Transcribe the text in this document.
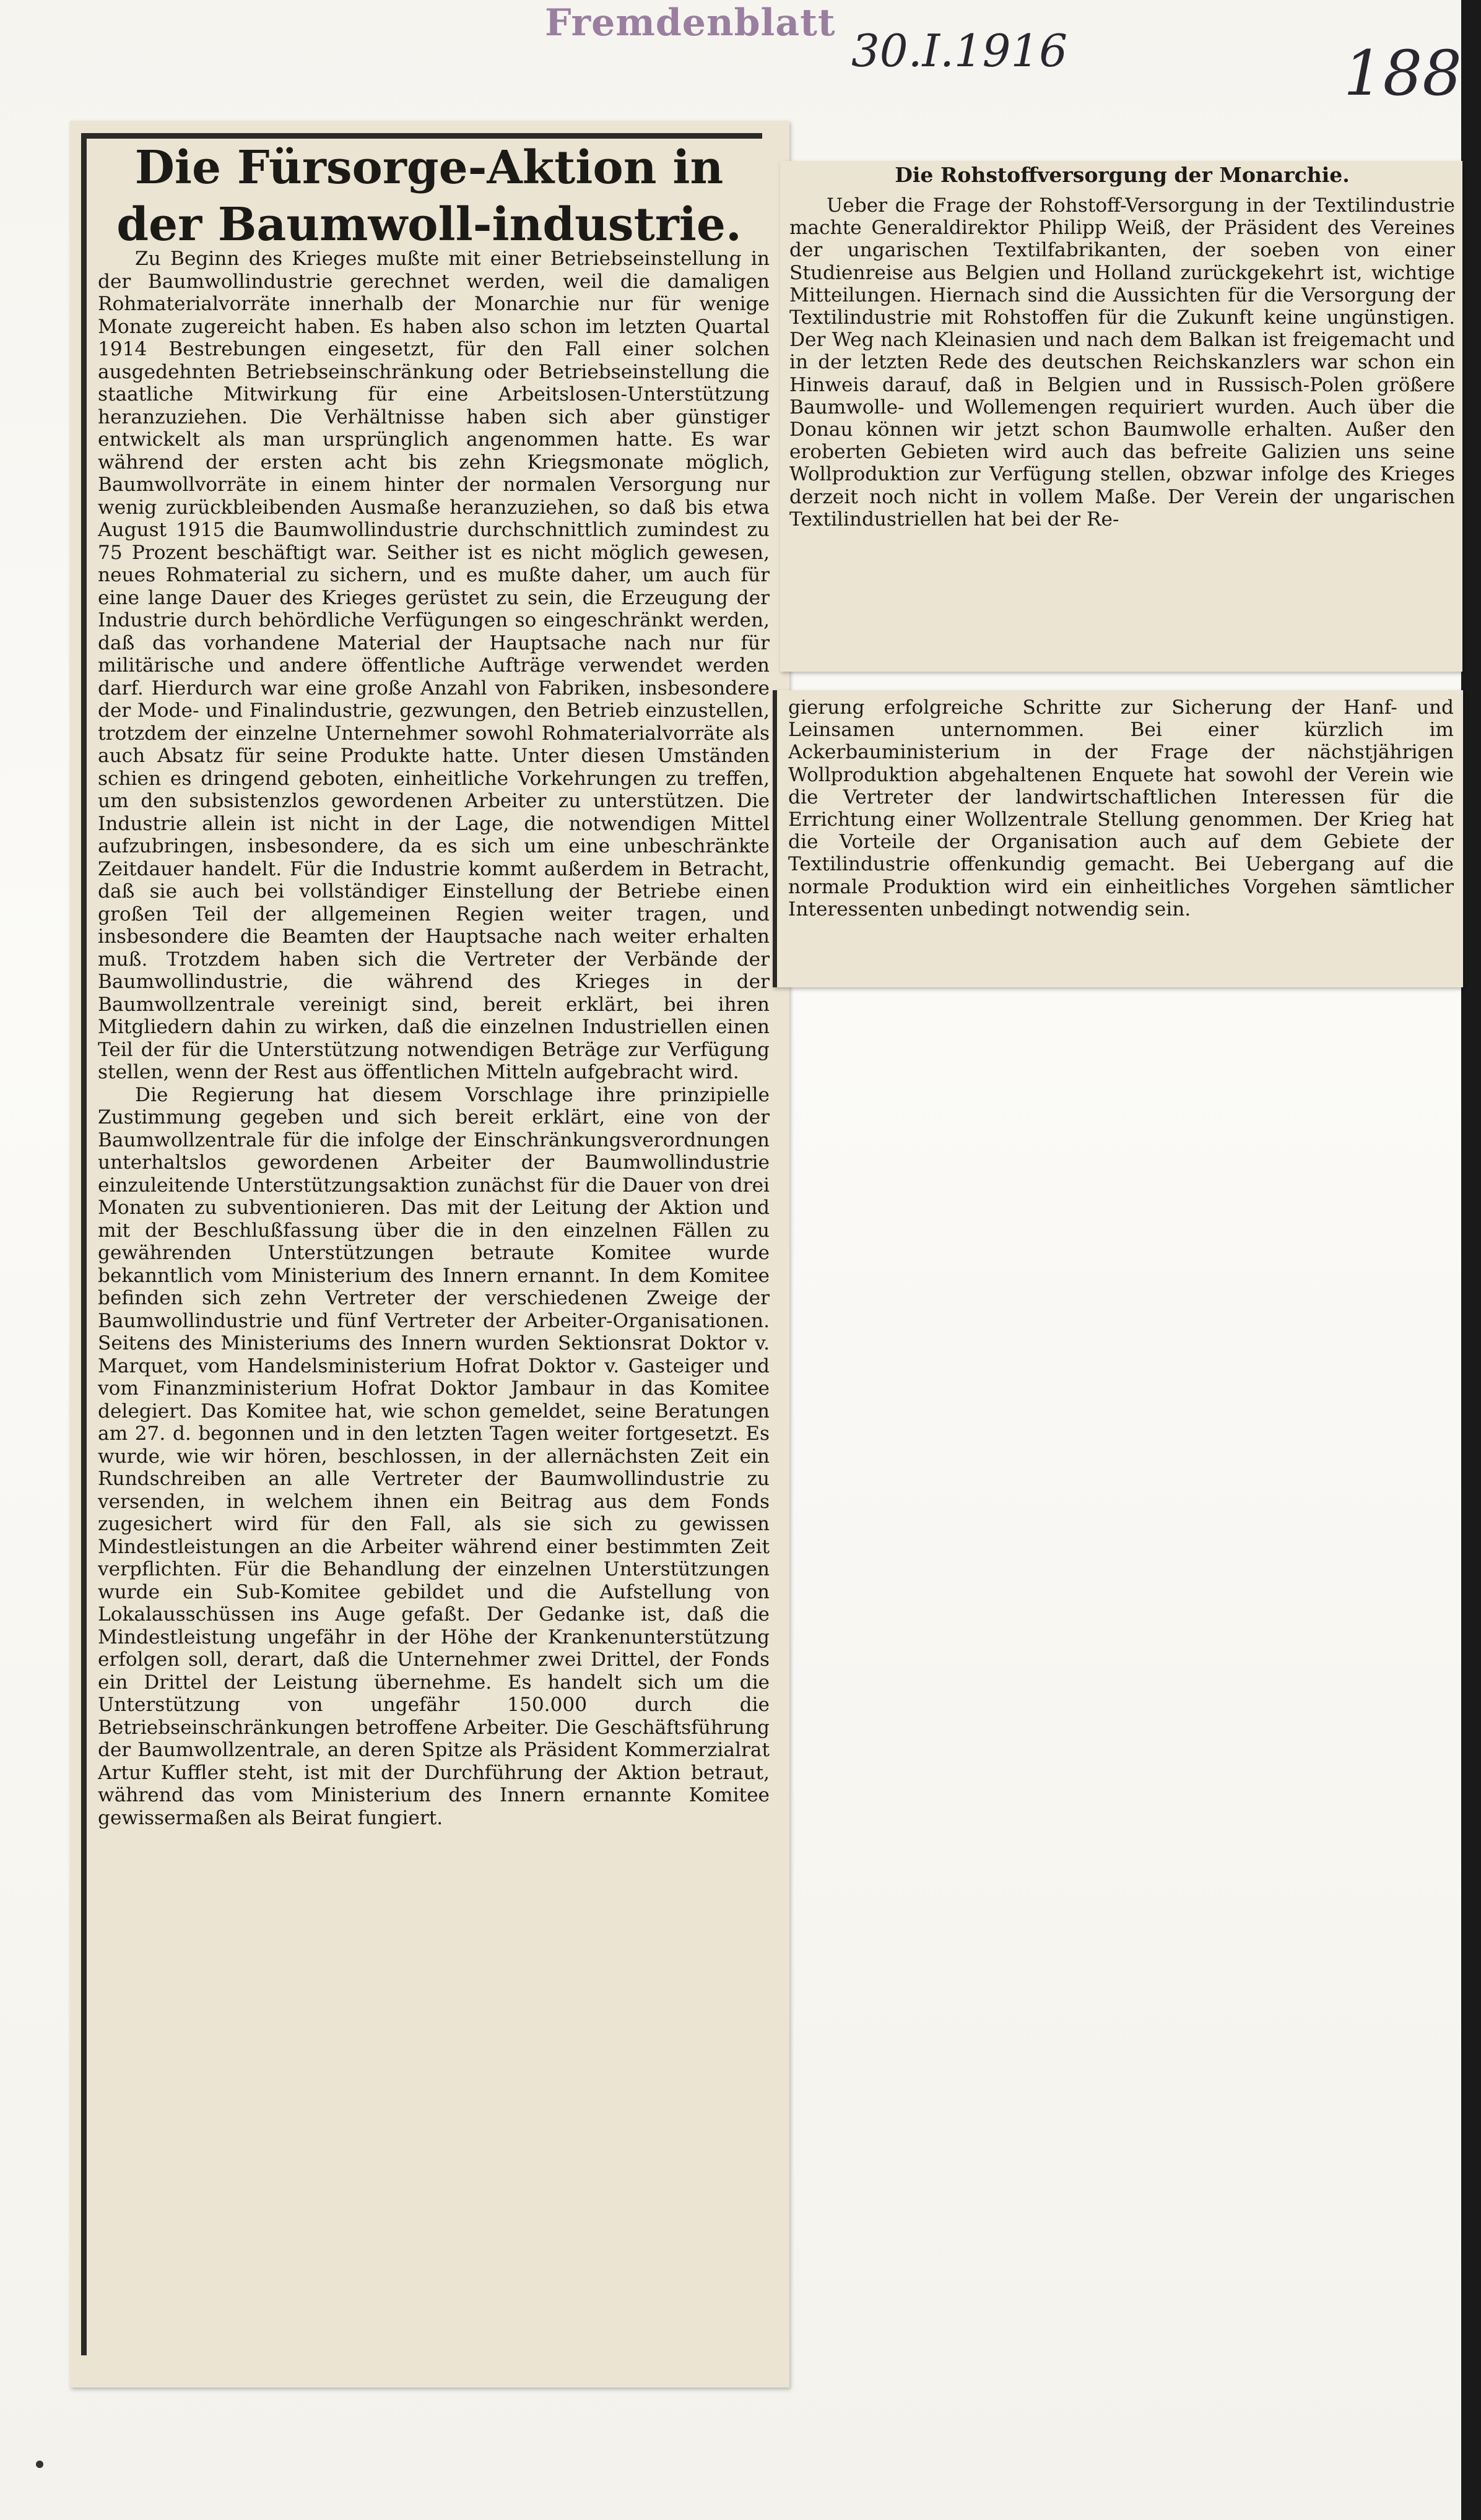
Fremdenblatt
30.I.1916	188
Die Fürsorge-Aktion in der Baumwoll-industrie.

Zu Beginn des Krieges mußte mit einer Betriebseinstellung in der Baumwollindustrie gerechnet werden, weil die damaligen Rohmaterialvorräte innerhalb der Monarchie nur für wenige Monate zugereicht haben. Es haben also schon im letzten Quartal 1914 Bestrebungen eingesetzt, für den Fall einer solchen ausgedehnten Betriebseinschränkung oder Betriebseinstellung die staatliche Mitwirkung für eine Arbeitslosen-Unterstützung heranzuziehen. Die Verhältnisse haben sich aber günstiger entwickelt als man ursprünglich angenommen hatte. Es war während der ersten acht bis zehn Kriegsmonate möglich, Baumwollvorräte in einem hinter der normalen Versorgung nur wenig zurückbleibenden Ausmaße heranzuziehen, so daß bis etwa August 1915 die Baumwollindustrie durchschnittlich zumindest zu 75 Prozent beschäftigt war. Seither ist es nicht möglich gewesen, neues Rohmaterial zu sichern, und es mußte daher, um auch für eine lange Dauer des Krieges gerüstet zu sein, die Erzeugung der Industrie durch behördliche Verfügungen so eingeschränkt werden, daß das vorhandene Material der Hauptsache nach nur für militärische und andere öffentliche Aufträge verwendet werden darf. Hierdurch war eine große Anzahl von Fabriken, insbesondere der Mode- und Finalindustrie, gezwungen, den Betrieb einzustellen, trotzdem der einzelne Unternehmer sowohl Rohmaterialvorräte als auch Absatz für seine Produkte hatte. Unter diesen Umständen schien es dringend geboten, einheitliche Vorkehrungen zu treffen, um den subsistenzlos gewordenen Arbeiter zu unterstützen. Die Industrie allein ist nicht in der Lage, die notwendigen Mittel aufzubringen, insbesondere, da es sich um eine unbeschränkte Zeitdauer handelt. Für die Industrie kommt außerdem in Betracht, daß sie auch bei vollständiger Einstellung der Betriebe einen großen Teil der allgemeinen Regien weiter tragen, und insbesondere die Beamten der Hauptsache nach weiter erhalten muß. Trotzdem haben sich die Vertreter der Verbände der Baumwollindustrie, die während des Krieges in der Baumwollzentrale vereinigt sind, bereit erklärt, bei ihren Mitgliedern dahin zu wirken, daß die einzelnen Industriellen einen Teil der für die Unterstützung notwendigen Beträge zur Verfügung stellen, wenn der Rest aus öffentlichen Mitteln aufgebracht wird.

Die Regierung hat diesem Vorschlage ihre prinzipielle Zustimmung gegeben und sich bereit erklärt, eine von der Baumwollzentrale für die infolge der Einschränkungsverordnungen unterhaltslos gewordenen Arbeiter der Baumwollindustrie einzuleitende Unterstützungsaktion zunächst für die Dauer von drei Monaten zu subventionieren. Das mit der Leitung der Aktion und mit der Beschlußfassung über die in den einzelnen Fällen zu gewährenden Unterstützungen betraute Komitee wurde bekanntlich vom Ministerium des Innern ernannt. In dem Komitee befinden sich zehn Vertreter der verschiedenen Zweige der Baumwollindustrie und fünf Vertreter der Arbeiter-Organisationen. Seitens des Ministeriums des Innern wurden Sektionsrat Doktor v. Marquet, vom Handelsministerium Hofrat Doktor v. Gasteiger und vom Finanzministerium Hofrat Doktor Jambaur in das Komitee delegiert. Das Komitee hat, wie schon gemeldet, seine Beratungen am 27. d. begonnen und in den letzten Tagen weiter fortgesetzt. Es wurde, wie wir hören, beschlossen, in der allernächsten Zeit ein Rundschreiben an alle Vertreter der Baumwollindustrie zu versenden, in welchem ihnen ein Beitrag aus dem Fonds zugesichert wird für den Fall, als sie sich zu gewissen Mindestleistungen an die Arbeiter während einer bestimmten Zeit verpflichten. Für die Behandlung der einzelnen Unterstützungen wurde ein Sub-Komitee gebildet und die Aufstellung von Lokalausschüssen ins Auge gefaßt. Der Gedanke ist, daß die Mindestleistung ungefähr in der Höhe der Krankenunterstützung erfolgen soll, derart, daß die Unternehmer zwei Drittel, der Fonds ein Drittel der Leistung übernehme. Es handelt sich um die Unterstützung von ungefähr 150.000 durch die Betriebseinschränkungen betroffene Arbeiter. Die Geschäftsführung der Baumwollzentrale, an deren Spitze als Präsident Kommerzialrat Artur Kuffler steht, ist mit der Durchführung der Aktion betraut, während das vom Ministerium des Innern ernannte Komitee gewissermaßen als Beirat fungiert.

Die Rohstoffversorgung der Monarchie.

Ueber die Frage der Rohstoff-Versorgung in der Textilindustrie machte Generaldirektor Philipp Weiß, der Präsident des Vereines der ungarischen Textilfabrikanten, der soeben von einer Studienreise aus Belgien und Holland zurückgekehrt ist, wichtige Mitteilungen. Hiernach sind die Aussichten für die Versorgung der Textilindustrie mit Rohstoffen für die Zukunft keine ungünstigen. Der Weg nach Kleinasien und nach dem Balkan ist freigemacht und in der letzten Rede des deutschen Reichskanzlers war schon ein Hinweis darauf, daß in Belgien und in Russisch-Polen größere Baumwolle- und Wollemengen requiriert wurden. Auch über die Donau können wir jetzt schon Baumwolle erhalten. Außer den eroberten Gebieten wird auch das befreite Galizien uns seine Wollproduktion zur Verfügung stellen, obzwar infolge des Krieges derzeit noch nicht in vollem Maße. Der Verein der ungarischen Textilindustriellen hat bei der Re-

gierung erfolgreiche Schritte zur Sicherung der Hanf- und Leinsamen unternommen. Bei einer kürzlich im Ackerbauministerium in der Frage der nächstjährigen Wollproduktion abgehaltenen Enquete hat sowohl der Verein wie die Vertreter der landwirtschaftlichen Interessen für die Errichtung einer Wollzentrale Stellung genommen. Der Krieg hat die Vorteile der Organisation auch auf dem Gebiete der Textilindustrie offenkundig gemacht. Bei Uebergang auf die normale Produktion wird ein einheitliches Vorgehen sämtlicher Interessenten unbedingt notwendig sein.
